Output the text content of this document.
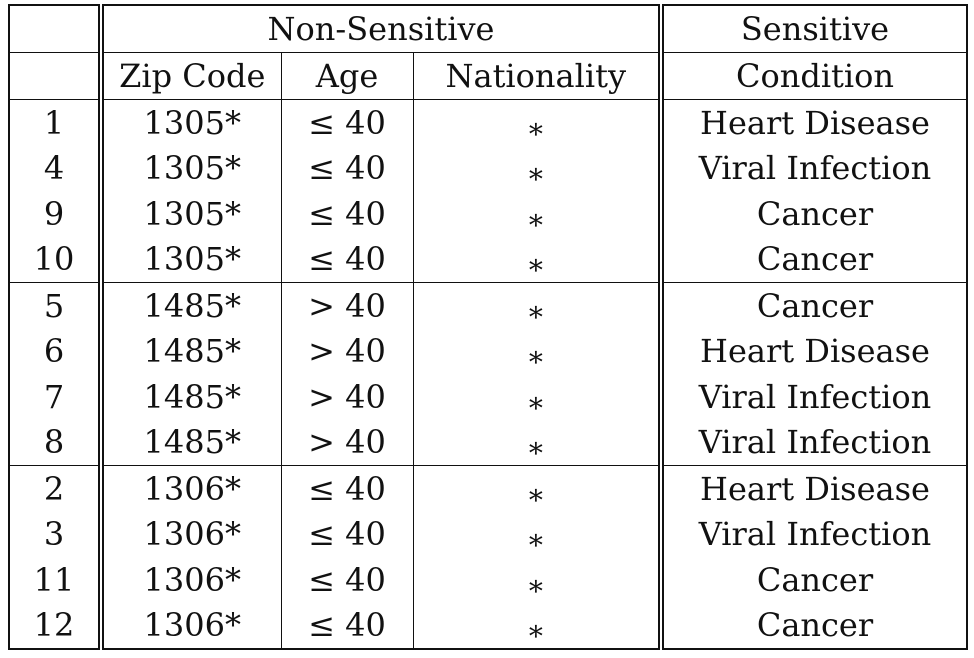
	Non-Sensitive			Sensitive
	Zip Code	Age	Nationality	Condition
1	1305*	≤ 40	∗	Heart Disease
4	1305*	≤ 40	∗	Viral Infection
9	1305*	≤ 40	∗	Cancer
10	1305*	≤ 40	∗	Cancer
5	1485*	> 40	∗	Cancer
6	1485*	> 40	∗	Heart Disease
7	1485*	> 40	∗	Viral Infection
8	1485*	> 40	∗	Viral Infection
2	1306*	≤ 40	∗	Heart Disease
3	1306*	≤ 40	∗	Viral Infection
11	1306*	≤ 40	∗	Cancer
12	1306*	≤ 40	∗	Cancer
